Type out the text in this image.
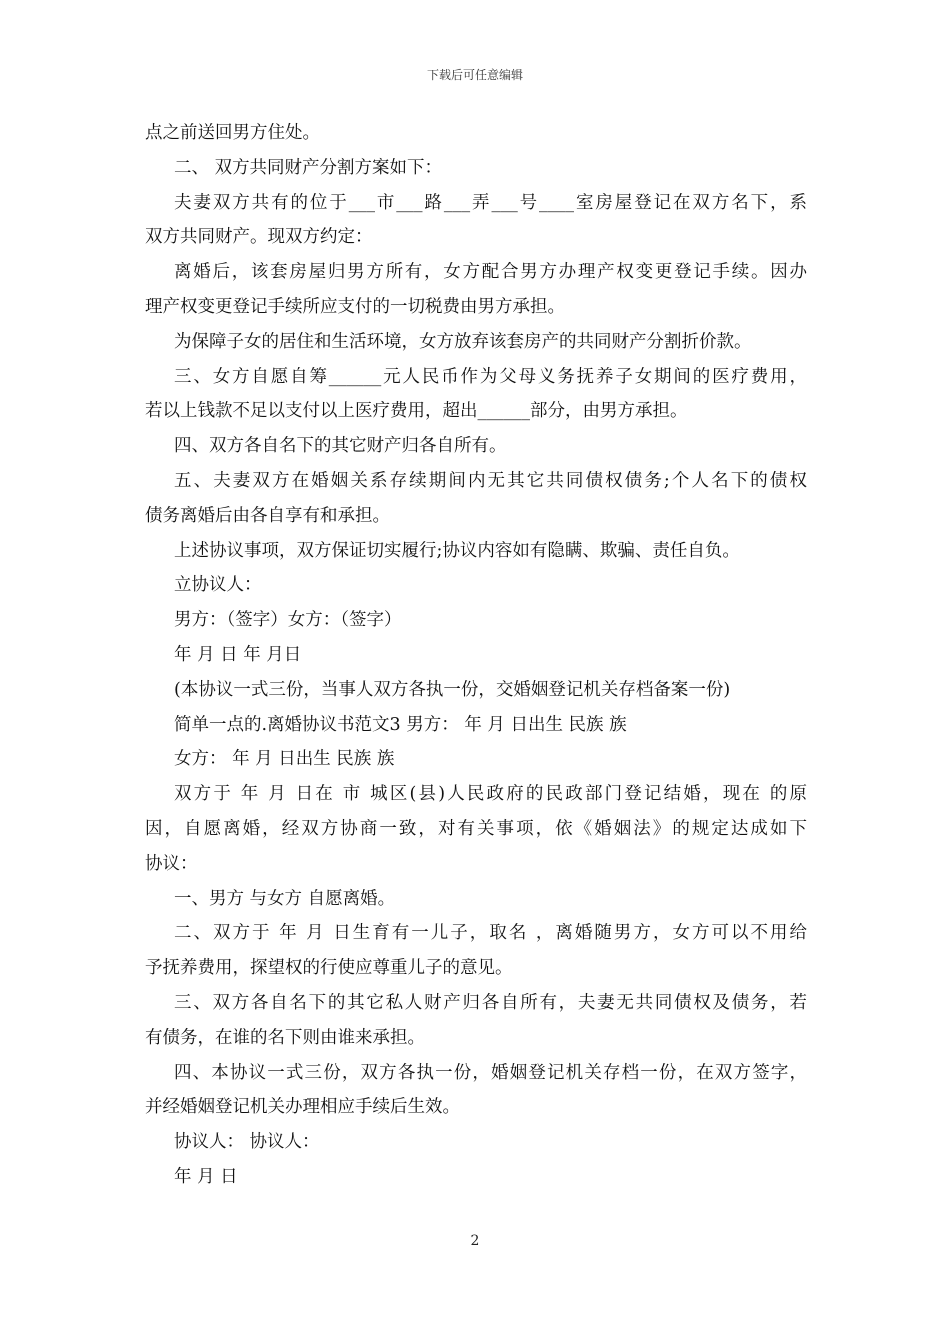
下载后可任意编辑
点之前送回男方住处。
二、 双方共同财产分割方案如下：
夫妻双方共有的位于___市___路___弄___号____室房屋登记在双方名下，系
双方共同财产。现双方约定：
离婚后，该套房屋归男方所有，女方配合男方办理产权变更登记手续。因办
理产权变更登记手续所应支付的一切税费由男方承担。
为保障子女的居住和生活环境，女方放弃该套房产的共同财产分割折价款。
三、女方自愿自筹______元人民币作为父母义务抚养子女期间的医疗费用，
若以上钱款不足以支付以上医疗费用，超出______部分，由男方承担。
四、双方各自名下的其它财产归各自所有。
五、夫妻双方在婚姻关系存续期间内无其它共同债权债务;个人名下的债权
债务离婚后由各自享有和承担。
上述协议事项，双方保证切实履行;协议内容如有隐瞒、欺骗、责任自负。
立协议人：
男方：（签字）女方：（签字）
年 月 日 年 月日
(本协议一式三份，当事人双方各执一份，交婚姻登记机关存档备案一份)
简单一点的.离婚协议书范文3 男方： 年 月 日出生 民族 族
女方： 年 月 日出生 民族 族
双方于 年 月 日在 市 城区(县)人民政府的民政部门登记结婚，现在 的原
因，自愿离婚，经双方协商一致，对有关事项，依《婚姻法》的规定达成如下
协议：
一、男方 与女方 自愿离婚。
二、双方于 年 月 日生育有一儿子，取名 ，离婚随男方，女方可以不用给
予抚养费用，探望权的行使应尊重儿子的意见。
三、双方各自名下的其它私人财产归各自所有，夫妻无共同债权及债务，若
有债务，在谁的名下则由谁来承担。
四、本协议一式三份，双方各执一份，婚姻登记机关存档一份，在双方签字，
并经婚姻登记机关办理相应手续后生效。
协议人： 协议人：
年 月 日
2
